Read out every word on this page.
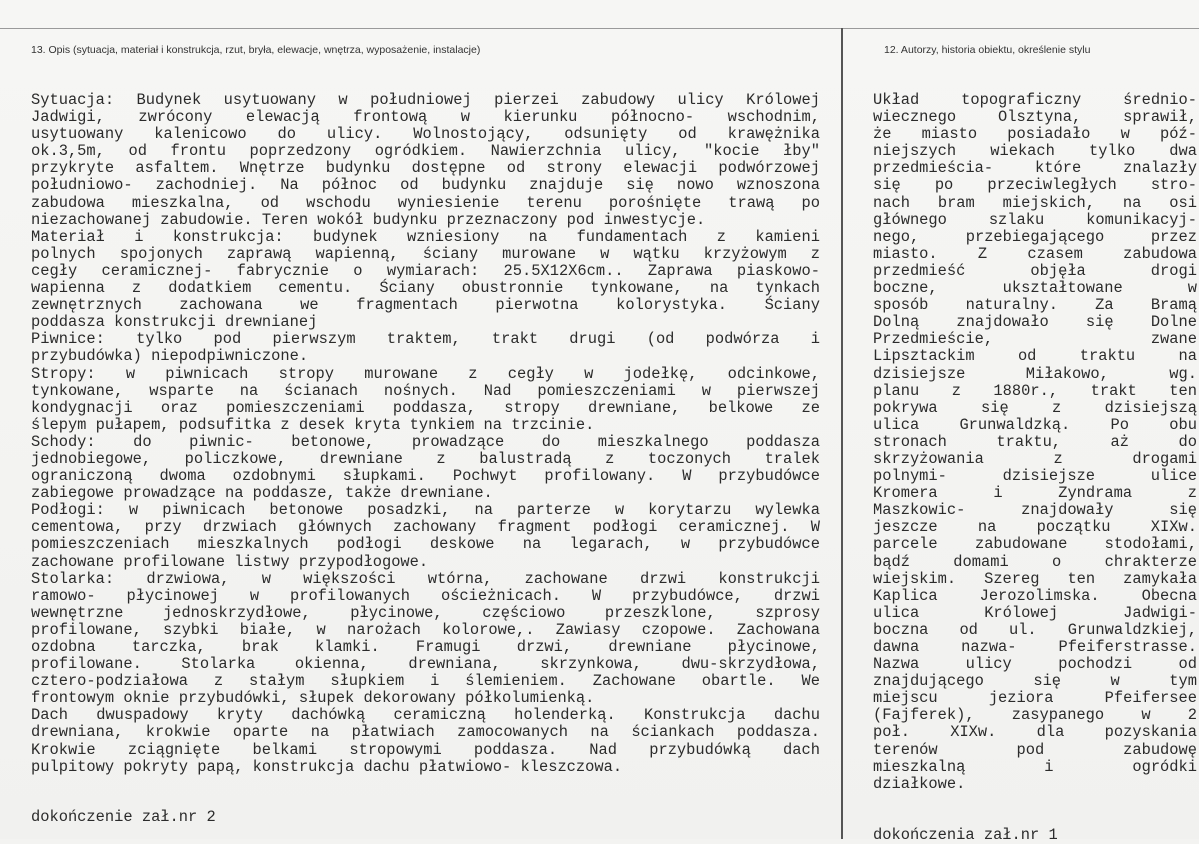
13. Opis (sytuacja, materiał i konstrukcja, rzut, bryła, elewacje, wnętrza, wyposażenie, instalacje)	12. Autorzy, historia obiektu, określenie stylu
Sytuacja: Budynek usytuowany w południowej pierzei zabudowy ulicy Królowej
Jadwigi, zwrócony elewacją frontową w kierunku północno- wschodnim,
usytuowany kalenicowo do ulicy. Wolnostojący, odsunięty od krawężnika
ok.3,5m, od frontu poprzedzony ogródkiem. Nawierzchnia ulicy, "kocie łby"
przykryte asfaltem. Wnętrze budynku dostępne od strony elewacji podwórzowej
południowo- zachodniej. Na północ od budynku znajduje się nowo wznoszona
zabudowa mieszkalna, od wschodu wyniesienie terenu porośnięte trawą po
niezachowanej zabudowie. Teren wokół budynku przeznaczony pod inwestycje.
Materiał i konstrukcja: budynek wzniesiony na fundamentach z kamieni
polnych spojonych zaprawą wapienną, ściany murowane w wątku krzyżowym z
cegły ceramicznej- fabrycznie o wymiarach: 25.5X12X6cm.. Zaprawa piaskowo-
wapienna z dodatkiem cementu. Ściany obustronnie tynkowane, na tynkach
zewnętrznych zachowana we fragmentach pierwotna kolorystyka. Ściany
poddasza konstrukcji drewnianej
Piwnice: tylko pod pierwszym traktem, trakt drugi (od podwórza i
przybudówka) niepodpiwniczone.
Stropy: w piwnicach stropy murowane z cegły w jodełkę, odcinkowe,
tynkowane, wsparte na ścianach nośnych. Nad pomieszczeniami w pierwszej
kondygnacji oraz pomieszczeniami poddasza, stropy drewniane, belkowe ze
ślepym pułapem, podsufitka z desek kryta tynkiem na trzcinie.
Schody: do piwnic- betonowe, prowadzące do mieszkalnego poddasza
jednobiegowe, policzkowe, drewniane z balustradą z toczonych tralek
ograniczoną dwoma ozdobnymi słupkami. Pochwyt profilowany. W przybudówce
zabiegowe prowadzące na poddasze, także drewniane.
Podłogi: w piwnicach betonowe posadzki, na parterze w korytarzu wylewka
cementowa, przy drzwiach głównych zachowany fragment podłogi ceramicznej. W
pomieszczeniach mieszkalnych podłogi deskowe na legarach, w przybudówce
zachowane profilowane listwy przypodłogowe.
Stolarka: drzwiowa, w większości wtórna, zachowane drzwi konstrukcji
ramowo- płycinowej w profilowanych ościeżnicach. W przybudówce, drzwi
wewnętrzne jednoskrzydłowe, płycinowe, częściowo przeszklone, szprosy
profilowane, szybki białe, w narożach kolorowe,. Zawiasy czopowe. Zachowana
ozdobna tarczka, brak klamki. Framugi drzwi, drewniane płycinowe,
profilowane. Stolarka okienna, drewniana, skrzynkowa, dwu-skrzydłowa,
cztero-podziałowa z stałym słupkiem i ślemieniem. Zachowane obartle. We
frontowym oknie przybudówki, słupek dekorowany półkolumienką.
Dach dwuspadowy kryty dachówką ceramiczną holenderką. Konstrukcja dachu
drewniana, krokwie oparte na płatwiach zamocowanych na ściankach poddasza.
Krokwie zciągnięte belkami stropowymi poddasza. Nad przybudówką dach
pulpitowy pokryty papą, konstrukcja dachu płatwiowo- kleszczowa.
Układ topograficzny średnio-
wiecznego Olsztyna, sprawił,
że miasto posiadało w póź-
niejszych wiekach tylko dwa
przedmieścia- które znalazły
się po przeciwległych stro-
nach bram miejskich, na osi
głównego szlaku komunikacyj-
nego, przebiegającego przez
miasto. Z czasem zabudowa
przedmieść objęła drogi
boczne, ukształtowane w
sposób naturalny. Za Bramą
Dolną znajdowało się Dolne
Przedmieście, zwane
Lipsztackim od traktu na
dzisiejsze Miłakowo, wg.
planu z 1880r., trakt ten
pokrywa się z dzisiejszą
ulica Grunwaldzką. Po obu
stronach traktu, aż do
skrzyżowania z drogami
polnymi- dzisiejsze ulice
Kromera i Zyndrama z
Maszkowic- znajdowały się
jeszcze na początku XIXw.
parcele zabudowane stodołami,
bądź domami o chrakterze
wiejskim. Szereg ten zamykała
Kaplica Jerozolimska. Obecna
ulica Królowej Jadwigi-
boczna od ul. Grunwaldzkiej,
dawna nazwa- Pfeiferstrasse.
Nazwa ulicy pochodzi od
znajdującego się w tym
miejscu jeziora Pfeifersee
(Fajferek), zasypanego w 2
poł. XIXw. dla pozyskania
terenów pod zabudowę
mieszkalną i ogródki
działkowe.
dokończenie zał.nr 2
dokończenia zał.nr 1
